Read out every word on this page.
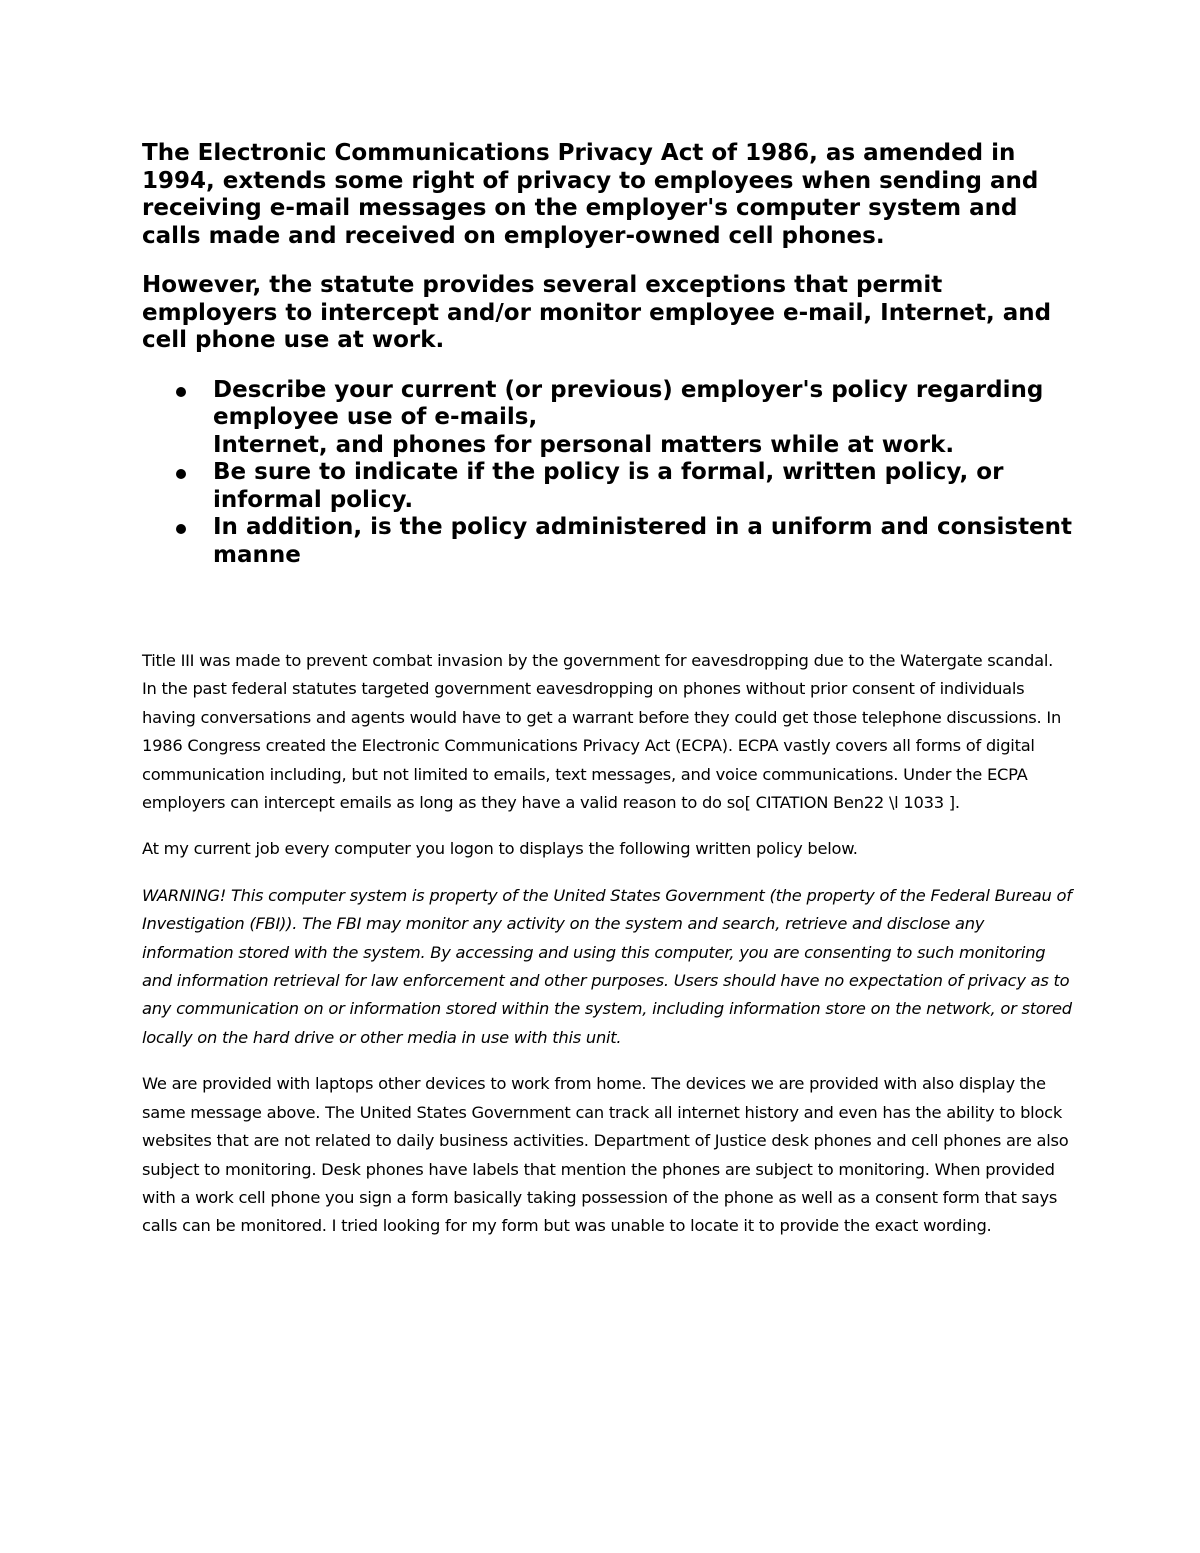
The Electronic Communications Privacy Act of 1986, as amended in 1994, extends some right of privacy to employees when sending and receiving e-mail messages on the employer's computer system and calls made and received on employer-owned cell phones.

However, the statute provides several exceptions that permit employers to intercept and/or monitor employee e-mail, Internet, and cell phone use at work.

Describe your current (or previous) employer's policy regarding employee use of e-mails,
Internet, and phones for personal matters while at work.
Be sure to indicate if the policy is a formal, written policy, or informal policy.
In addition, is the policy administered in a uniform and consistent manne

Title III was made to prevent combat invasion by the government for eavesdropping due to the Watergate scandal. In the past federal statutes targeted government eavesdropping on phones without prior consent of individuals having conversations and agents would have to get a warrant before they could get those telephone discussions. In 1986 Congress created the Electronic Communications Privacy Act (ECPA). ECPA vastly covers all forms of digital communication including, but not limited to emails, text messages, and voice communications. Under the ECPA employers can intercept emails as long as they have a valid reason to do so[ CITATION Ben22 \l 1033 ].

At my current job every computer you logon to displays the following written policy below.

WARNING! This computer system is property of the United States Government (the property of the Federal Bureau of Investigation (FBI)). The FBI may monitor any activity on the system and search, retrieve and disclose any information stored with the system. By accessing and using this computer, you are consenting to such monitoring and information retrieval for law enforcement and other purposes. Users should have no expectation of privacy as to any communication on or information stored within the system, including information store on the network, or stored locally on the hard drive or other media in use with this unit.

We are provided with laptops other devices to work from home. The devices we are provided with also display the same message above. The United States Government can track all internet history and even has the ability to block websites that are not related to daily business activities. Department of Justice desk phones and cell phones are also subject to monitoring. Desk phones have labels that mention the phones are subject to monitoring. When provided with a work cell phone you sign a form basically taking possession of the phone as well as a consent form that says calls can be monitored. I tried looking for my form but was unable to locate it to provide the exact wording.
